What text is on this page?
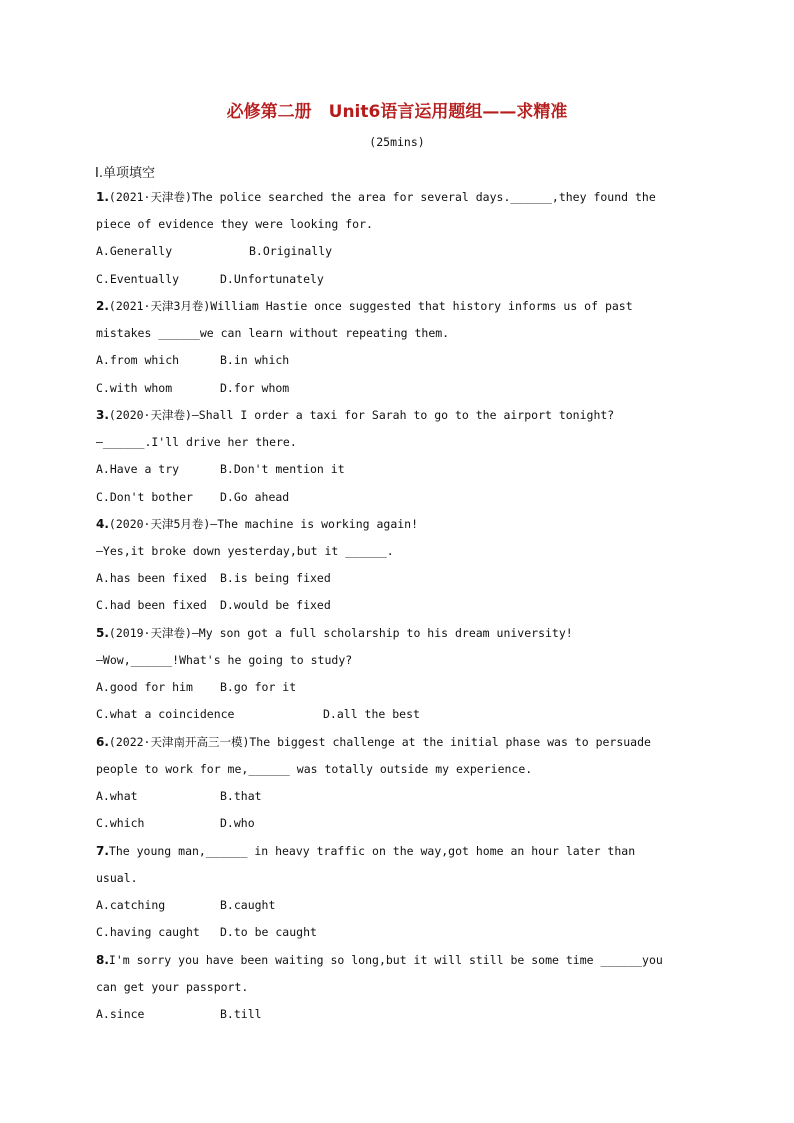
必修第二册　Unit6语言运用题组——求精准
(25mins)
Ⅰ.单项填空
1.(2021·天津卷)The police searched the area for several days.______,they found the
piece of evidence they were looking for.
A.Generally	B.Originally
C.Eventually	D.Unfortunately
2.(2021·天津3月卷)William Hastie once suggested that history informs us of past
mistakes ______we can learn without repeating them.
A.from which	B.in which
C.with whom	D.for whom
3.(2020·天津卷)—Shall I order a taxi for Sarah to go to the airport tonight?
—______.I'll drive her there.
A.Have a try	B.Don't mention it
C.Don't bother D.Go ahead
4.(2020·天津5月卷)—The machine is working again!
—Yes,it broke down yesterday,but it ______.
A.has been fixed B.is being fixed
C.had been fixed D.would be fixed
5.(2019·天津卷)—My son got a full scholarship to his dream university!
—Wow,______!What's he going to study?
A.good for him B.go for it
C.what a coincidence	D.all the best
6.(2022·天津南开高三一模)The biggest challenge at the initial phase was to persuade
people to work for me,______ was totally outside my experience.
A.what	B.that
C.which	D.who
7.The young man,______ in heavy traffic on the way,got home an hour later than
usual.
A.catching	B.caught
C.having caught D.to be caught
8.I'm sorry you have been waiting so long,but it will still be some time ______you
can get your passport.
A.since	B.till
